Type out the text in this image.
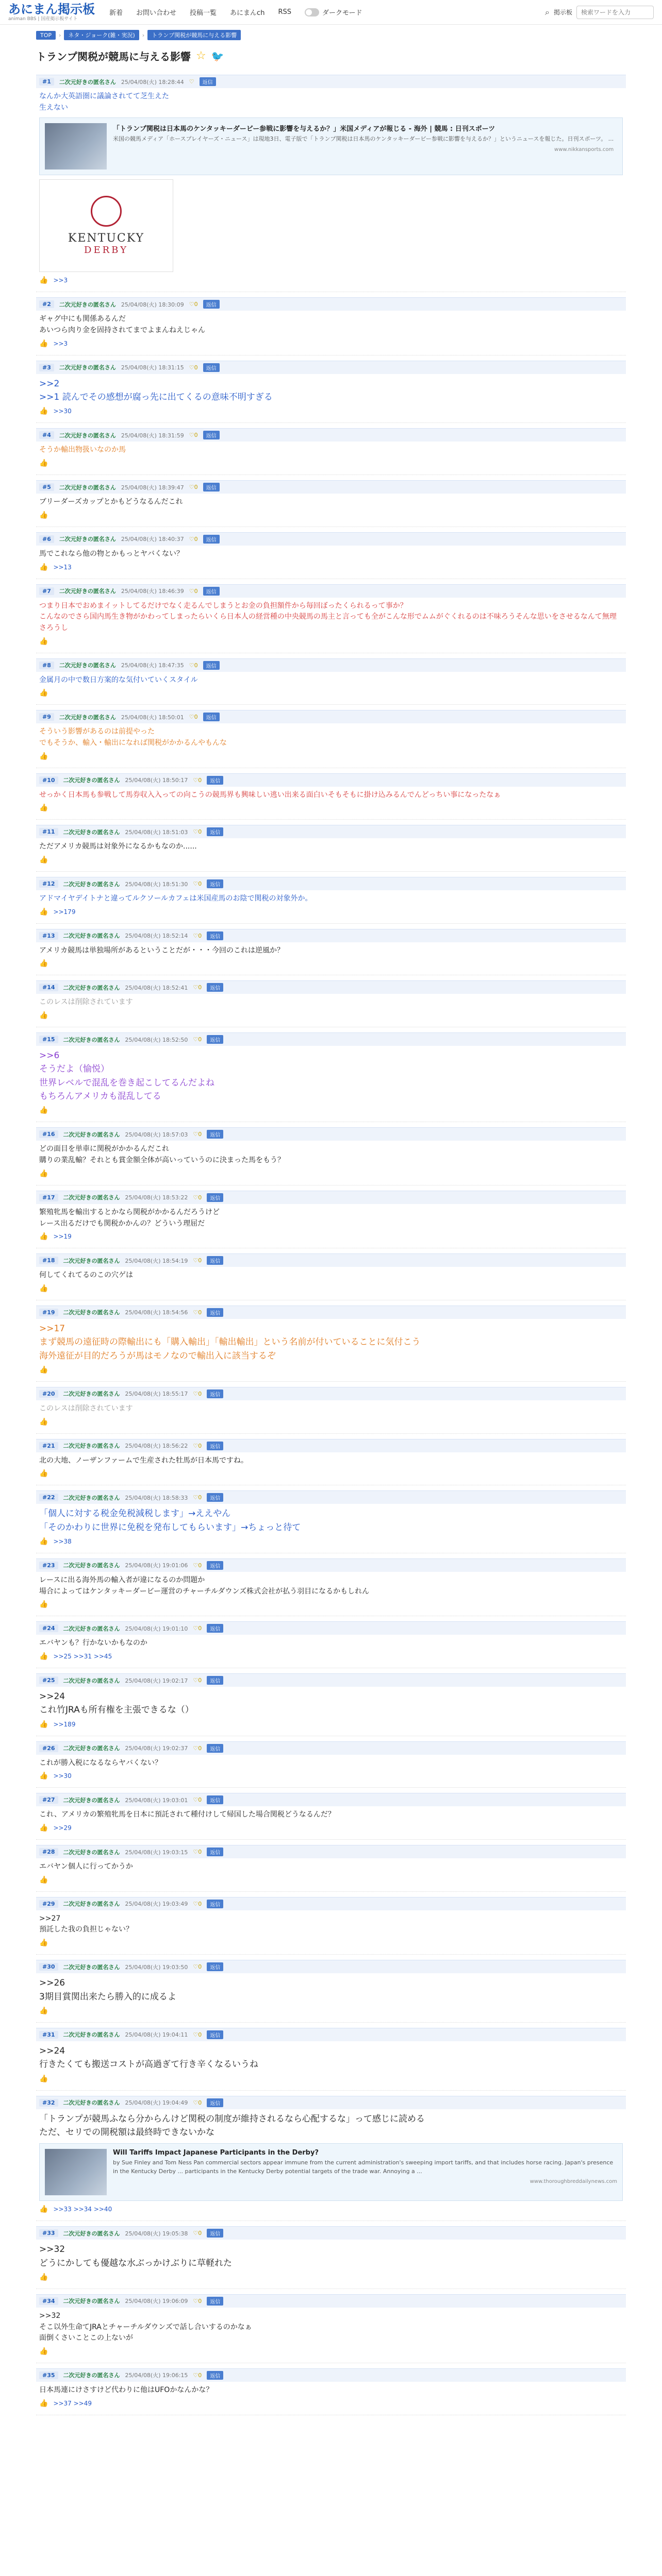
あにまん掲示板
animan BBS | 国産掲示板サイト
新着 お問い合わせ 投稿一覧 あにまんch RSS	ダークモード	⌕ 掲示板
検索ワードを入力
TOP	›	ネタ・ジョーク(雑・実況)	›	トランプ関税が競馬に与える影響
トランプ関税が競馬に与える影響 ☆ 🐦
#1	二次元好きの匿名さん 25/04/08(火) 18:28:44 ♡	返信
なんか大英語圏に議論されてて芝生えた
生えない
「トランプ関税は日本馬のケンタッキーダービー参戦に影響を与えるか？」米国メディアが報じる - 海外 | 競馬 : 日刊スポーツ
米国の競馬メディア「ホースプレイヤーズ・ニュース」は現地3日、電子版で「トランプ関税は日本馬のケンタッキーダービー参戦に影響を与えるか？」というニュースを報じた。日刊スポーツ。 ...
www.nikkansports.com
KENTUCKY
DERBY
👍 >>3
#2	二次元好きの匿名さん 25/04/08(火) 18:30:09 ♡0	返信
ギャグ中にも関係あるんだ
あいつら肉り金を固持されてまでよまんねえじゃん
👍 >>3
#3	二次元好きの匿名さん 25/04/08(火) 18:31:15 ♡0	返信
>>2
>>1 読んでその感想が腐っ先に出てくるの意味不明すぎる
👍 >>30
#4	二次元好きの匿名さん 25/04/08(火) 18:31:59 ♡0	返信
そうか輸出物扱いなのか馬
👍
#5	二次元好きの匿名さん 25/04/08(火) 18:39:47 ♡0	返信
ブリーダーズカップとかもどうなるんだこれ
👍
#6	二次元好きの匿名さん 25/04/08(火) 18:40:37 ♡0	返信
馬でこれなら他の物とかもっとヤバくない？
👍 >>13
#7	二次元好きの匿名さん 25/04/08(火) 18:46:39 ♡0	返信
つまり日本でおめまイットしてるだけでなく走るんでしまうとお金の負担額件から毎回ぼったくられるって事か？
こんなのでさら国内馬生き物がかわってしまったらいくら日本人の経営種の中央競馬の馬主と言っても全がこんな形でムムがぐくれるのは不味ろうそんな思いをさせるなんて無理さろうし
👍
#8	二次元好きの匿名さん 25/04/08(火) 18:47:35 ♡0	返信
金属月の中で数日方案的な気付いていくスタイル
👍
#9	二次元好きの匿名さん 25/04/08(火) 18:50:01 ♡0	返信
そういう影響があるのは前提やった
でもそうか、輸入・輸出になれば関税がかかるんやもんな
👍
#10	二次元好きの匿名さん 25/04/08(火) 18:50:17 ♡0	返信
せっかく日本馬も参戦して馬券収入入っての向こうの競馬界も興味しい逃い出来る面白いそもそもに掛け込みるんでんどっちい事になったなぁ
👍
#11	二次元好きの匿名さん 25/04/08(火) 18:51:03 ♡0	返信
ただアメリカ競馬は対象外になるかもなのか......
👍
#12	二次元好きの匿名さん 25/04/08(火) 18:51:30 ♡0	返信
アドマイヤデイトナと違ってルクソールカフェは米国産馬のお陰で関税の対象外か。
👍 >>179
#13	二次元好きの匿名さん 25/04/08(火) 18:52:14 ♡0	返信
アメリカ競馬は単独場所があるということだが・・・今回のこれは逆風か？
👍
#14	二次元好きの匿名さん 25/04/08(火) 18:52:41 ♡0	返信
このレスは削除されています
👍
#15	二次元好きの匿名さん 25/04/08(火) 18:52:50 ♡0	返信
>>6
そうだよ（愉悦）
世界レベルで混乱を巻き起こしてるんだよね
もちろんアメリカも混乱してる
👍
#16	二次元好きの匿名さん 25/04/08(火) 18:57:03 ♡0	返信
どの面目を単車に関税がかかるんだこれ
購りの業乱輸？それとも賞金額全体が高いっていうのに決まった馬をもう？
👍
#17	二次元好きの匿名さん 25/04/08(火) 18:53:22 ♡0	返信
繁殖牝馬を輸出するとかなら関税がかかるんだろうけど
レース出るだけでも関税かかんの？どういう理屈だ
👍 >>19
#18	二次元好きの匿名さん 25/04/08(火) 18:54:19 ♡0	返信
何してくれてるのこの穴ゲは
👍
#19	二次元好きの匿名さん 25/04/08(火) 18:54:56 ♡0	返信
>>17
まず競馬の遠征時の際輸出にも「購入輸出」「輸出輸出」という名前が付いていることに気付こう
海外遠征が目的だろうが馬はモノなので輸出入に該当するぞ
👍
#20	二次元好きの匿名さん 25/04/08(火) 18:55:17 ♡0	返信
このレスは削除されています
👍
#21	二次元好きの匿名さん 25/04/08(火) 18:56:22 ♡0	返信
北の大地、ノーザンファームで生産された牡馬が日本馬ですね。
👍
#22	二次元好きの匿名さん 25/04/08(火) 18:58:33 ♡0	返信
「個人に対する税金免税減税します」→ええやん
「そのかわりに世界に免税を発布してもらいます」→ちょっと待て
👍 >>38
#23	二次元好きの匿名さん 25/04/08(火) 19:01:06 ♡0	返信
レースに出る海外馬の輸入者が違になるのか問題か
場合によってはケンタッキーダービー運営のチャーチルダウンズ株式会社が払う羽目になるかもしれん
👍
#24	二次元好きの匿名さん 25/04/08(火) 19:01:10 ♡0	返信
エバヤンも？行かないかもなのか
👍 >>25 >>31 >>45
#25	二次元好きの匿名さん 25/04/08(火) 19:02:17 ♡0	返信
>>24
これ竹JRAも所有権を主張できるな（）
👍 >>189
#26	二次元好きの匿名さん 25/04/08(火) 19:02:37 ♡0	返信
これが勝入税になるならヤバくない？
👍 >>30
#27	二次元好きの匿名さん 25/04/08(火) 19:03:01 ♡0	返信
これ、アメリカの繁殖牝馬を日本に預託されて種付けして帰国した場合関税どうなるんだ？
👍 >>29
#28	二次元好きの匿名さん 25/04/08(火) 19:03:15 ♡0	返信
エバヤン個人に行ってかうか
👍
#29	二次元好きの匿名さん 25/04/08(火) 19:03:49 ♡0	返信
>>27
預託した我の負担じゃない？
👍
#30	二次元好きの匿名さん 25/04/08(火) 19:03:50 ♡0	返信
>>26
3期目賞関出来たら勝入的に成るよ
👍
#31	二次元好きの匿名さん 25/04/08(火) 19:04:11 ♡0	返信
>>24
行きたくても搬送コストが高過ぎて行き辛くなるいうね
👍
#32	二次元好きの匿名さん 25/04/08(火) 19:04:49 ♡0	返信
「トランプが競馬ふなら分からんけど関税の制度が維持されるなら心配するな」って感じに読める
ただ、セリでの開税額は最終時できないかな
Will Tariffs Impact Japanese Participants in the Derby?
by Sue Finley and Tom Ness Pan commercial sectors appear immune from the current administration's sweeping import tariffs, and that includes horse racing. Japan's presence in the Kentucky Derby ... participants in the Kentucky Derby potential targets of the trade war. Annoying a ...
www.thoroughbreddailynews.com
👍 >>33 >>34 >>40
#33	二次元好きの匿名さん 25/04/08(火) 19:05:38 ♡0	返信
>>32
どうにかしても優越な水ぶっかけぶりに草軽れた
👍
#34	二次元好きの匿名さん 25/04/08(火) 19:06:09 ♡0	返信
>>32
そこ以外生命てJRAとチャーチルダウンズで話し合いするのかなぁ
面倒くさいことこの上ないが
👍
#35	二次元好きの匿名さん 25/04/08(火) 19:06:15 ♡0	返信
日本馬連にけさすけど代わりに他はUFOかなんかな？
👍 >>37 >>49
